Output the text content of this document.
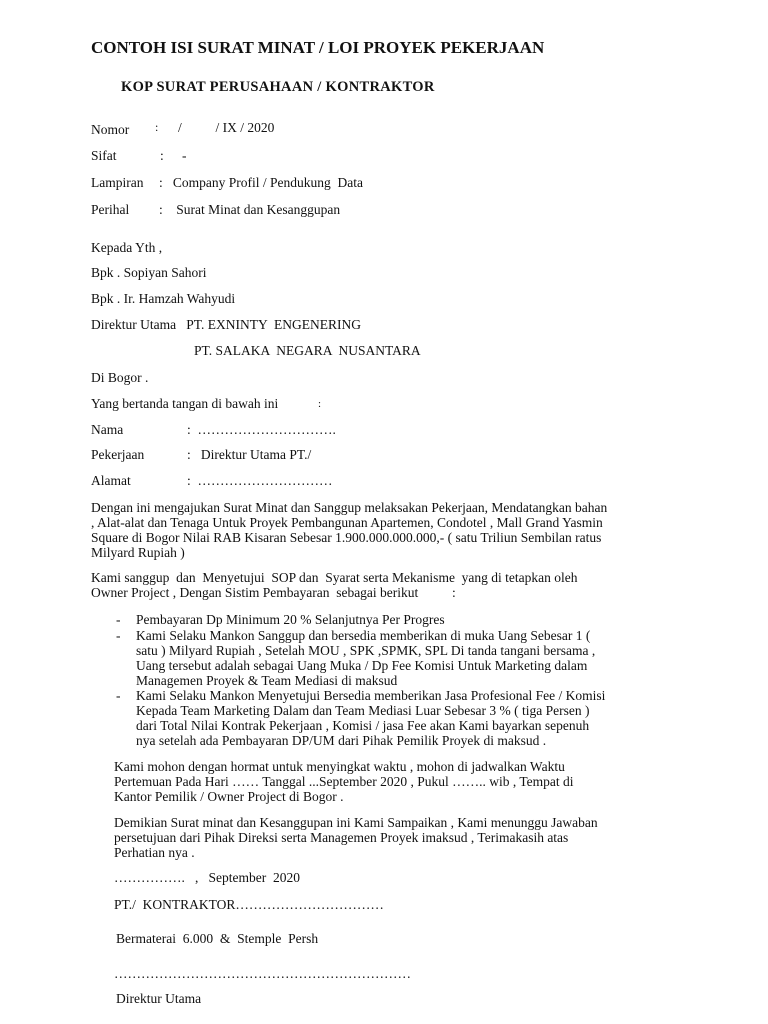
CONTOH ISI SURAT MINAT / LOI PROYEK PEKERJAAN
KOP SURAT PERUSAHAAN / KONTRAKTOR
Nomor : /          / IX / 2020
Sifat	: -
Lampiran :   Company Profil / Pendukung  Data
Perihal :    Surat Minat dan Kesanggupan
Kepada Yth ,
Bpk . Sopiyan Sahori
Bpk . Ir. Hamzah Wahyudi
Direktur Utama   PT. EXNINTY  ENGENERING
PT. SALAKA  NEGARA  NUSANTARA
Di Bogor .
Yang bertanda tangan di bawah ini	:
Nama	:  ………………………….
Pekerjaan	:   Direktur Utama PT./
Alamat	:  …………………………
Dengan ini mengajukan Surat Minat dan Sanggup melaksakan Pekerjaan, Mendatangkan bahan
, Alat-alat dan Tenaga Untuk Proyek Pembangunan Apartemen, Condotel , Mall Grand Yasmin
Square di Bogor Nilai RAB Kisaran Sebesar 1.900.000.000.000,- ( satu Triliun Sembilan ratus
Milyard Rupiah )
Kami sanggup  dan  Menyetujui  SOP dan  Syarat serta Mekanisme  yang di tetapkan oleh
Owner Project , Dengan Sistim Pembayaran  sebagai berikut          :
- Pembayaran Dp Minimum 20 % Selanjutnya Per Progres
- Kami Selaku Mankon Sanggup dan bersedia memberikan di muka Uang Sebesar 1 (
satu ) Milyard Rupiah , Setelah MOU , SPK ,SPMK, SPL Di tanda tangani bersama ,
Uang tersebut adalah sebagai Uang Muka / Dp Fee Komisi Untuk Marketing dalam
Managemen Proyek & Team Mediasi di maksud
- Kami Selaku Mankon Menyetujui Bersedia memberikan Jasa Profesional Fee / Komisi
Kepada Team Marketing Dalam dan Team Mediasi Luar Sebesar 3 % ( tiga Persen )
dari Total Nilai Kontrak Pekerjaan , Komisi / jasa Fee akan Kami bayarkan sepenuh
nya setelah ada Pembayaran DP/UM dari Pihak Pemilik Proyek di maksud .
Kami mohon dengan hormat untuk menyingkat waktu , mohon di jadwalkan Waktu
Pertemuan Pada Hari …… Tanggal ...September 2020 , Pukul …….. wib , Tempat di
Kantor Pemilik / Owner Project di Bogor .
Demikian Surat minat dan Kesanggupan ini Kami Sampaikan , Kami menunggu Jawaban
persetujuan dari Pihak Direksi serta Managemen Proyek imaksud , Terimakasih atas
Perhatian nya .
…………….   ,   September  2020
PT./  KONTRAKTOR……………………………
Bermaterai  6.000  &  Stemple  Persh
…………………………………………………………
Direktur Utama
